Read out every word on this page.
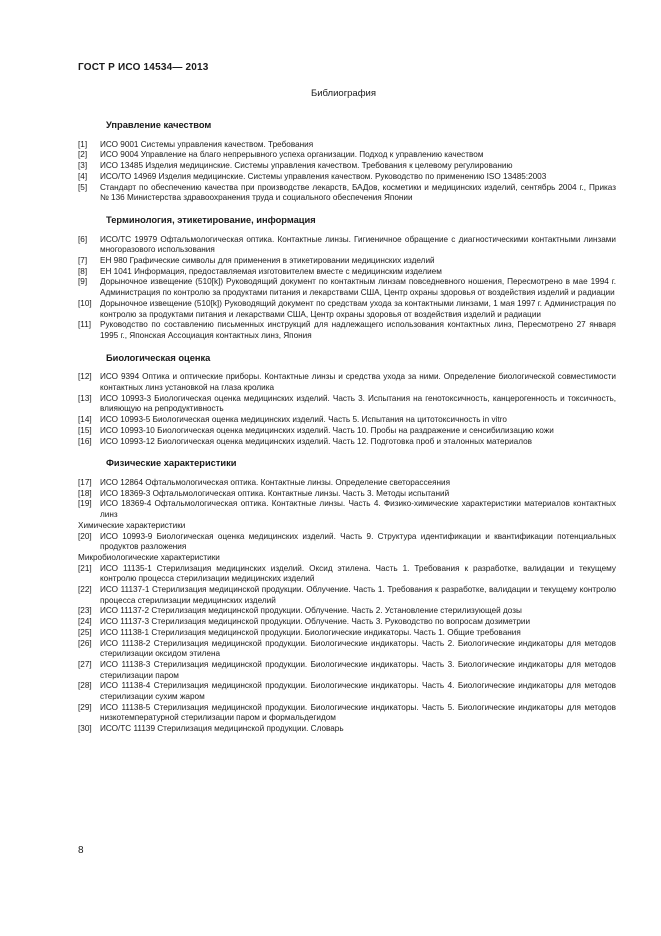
ГОСТ Р ИСО 14534— 2013
Библиография
Управление качеством
[1]	ИСО 9001 Системы управления качеством. Требования
[2]	ИСО 9004 Управление на благо непрерывного успеха организации. Подход к управлению качеством
[3]	ИСО 13485 Изделия медицинские. Системы управления качеством. Требования к целевому регулированию
[4]	ИСО/ТО 14969 Изделия медицинские. Системы управления качеством. Руководство по применению ISO 13485:2003
[5]	Стандарт по обеспечению качества при производстве лекарств, БАДов, косметики и медицинских изделий, сентябрь 2004 г., Приказ № 136 Министерства здравоохранения труда и социального обеспечения Японии
Терминология, этикетирование, информация
[6]	ИСО/ТС 19979 Офтальмологическая оптика. Контактные линзы. Гигиеничное обращение с диагностическими контактными линзами многоразового использования
[7]	ЕН 980 Графические символы для применения в этикетировании медицинских изделий
[8]	ЕН 1041 Информация, предоставляемая изготовителем вместе с медицинским изделием
[9]	Дорыночное извещение (510[k]) Руководящий документ по контактным линзам повседневного ношения, Пересмотрено в мае 1994 г. Администрация по контролю за продуктами питания и лекарствами США, Центр охраны здоровья от воздействия изделий и радиации
[10]	Дорыночное извещение (510[k]) Руководящий документ по средствам ухода за контактными линзами, 1 мая 1997 г. Администрация по контролю за продуктами питания и лекарствами США, Центр охраны здоровья от воздействия изделий и радиации
[11]	Руководство по составлению письменных инструкций для надлежащего использования контактных линз, Пересмотрено 27 января 1995 г., Японская Ассоциация контактных линз, Япония
Биологическая оценка
[12]	ИСО 9394 Оптика и оптические приборы. Контактные линзы и средства ухода за ними. Определение биологической совместимости контактных линз установкой на глаза кролика
[13]	ИСО 10993-3 Биологическая оценка медицинских изделий. Часть 3. Испытания на генотоксичность, канцерогенность и токсичность, влияющую на репродуктивность
[14]	ИСО 10993-5 Биологическая оценка медицинских изделий. Часть 5. Испытания на цитотоксичность in vitro
[15]	ИСО 10993-10 Биологическая оценка медицинских изделий. Часть 10. Пробы на раздражение и сенсибилизацию кожи
[16]	ИСО 10993-12 Биологическая оценка медицинских изделий. Часть 12. Подготовка проб и эталонных материалов
Физические характеристики
[17]	ИСО 12864 Офтальмологическая оптика. Контактные линзы. Определение светорассеяния
[18]	ИСО 18369-3 Офтальмологическая оптика. Контактные линзы. Часть 3. Методы испытаний
[19]	ИСО 18369-4 Офтальмологическая оптика. Контактные линзы. Часть 4. Физико-химические характеристики материалов контактных линз
Химические характеристики
[20]	ИСО 10993-9 Биологическая оценка медицинских изделий. Часть 9. Структура идентификации и квантификации потенциальных продуктов разложения
Микробиологические характеристики
[21]	ИСО 11135-1 Стерилизация медицинских изделий. Оксид этилена. Часть 1. Требования к разработке, валидации и текущему контролю процесса стерилизации медицинских изделий
[22]	ИСО 11137-1 Стерилизация медицинской продукции. Облучение. Часть 1. Требования к разработке, валидации и текущему контролю процесса стерилизации медицинских изделий
[23]	ИСО 11137-2 Стерилизация медицинской продукции. Облучение. Часть 2. Установление стерилизующей дозы
[24]	ИСО 11137-3 Стерилизация медицинской продукции. Облучение. Часть 3. Руководство по вопросам дозиметрии
[25]	ИСО 11138-1 Стерилизация медицинской продукции. Биологические индикаторы. Часть 1. Общие требования
[26]	ИСО 11138-2 Стерилизация медицинской продукции. Биологические индикаторы. Часть 2. Биологические индикаторы для методов стерилизации оксидом этилена
[27]	ИСО 11138-3 Стерилизация медицинской продукции. Биологические индикаторы. Часть 3. Биологические индикаторы для методов стерилизации паром
[28]	ИСО 11138-4 Стерилизация медицинской продукции. Биологические индикаторы. Часть 4. Биологические индикаторы для методов стерилизации сухим жаром
[29]	ИСО 11138-5 Стерилизация медицинской продукции. Биологические индикаторы. Часть 5. Биологические индикаторы для методов низкотемпературной стерилизации паром и формальдегидом
[30]	ИСО/ТС 11139 Стерилизация медицинской продукции. Словарь
8
